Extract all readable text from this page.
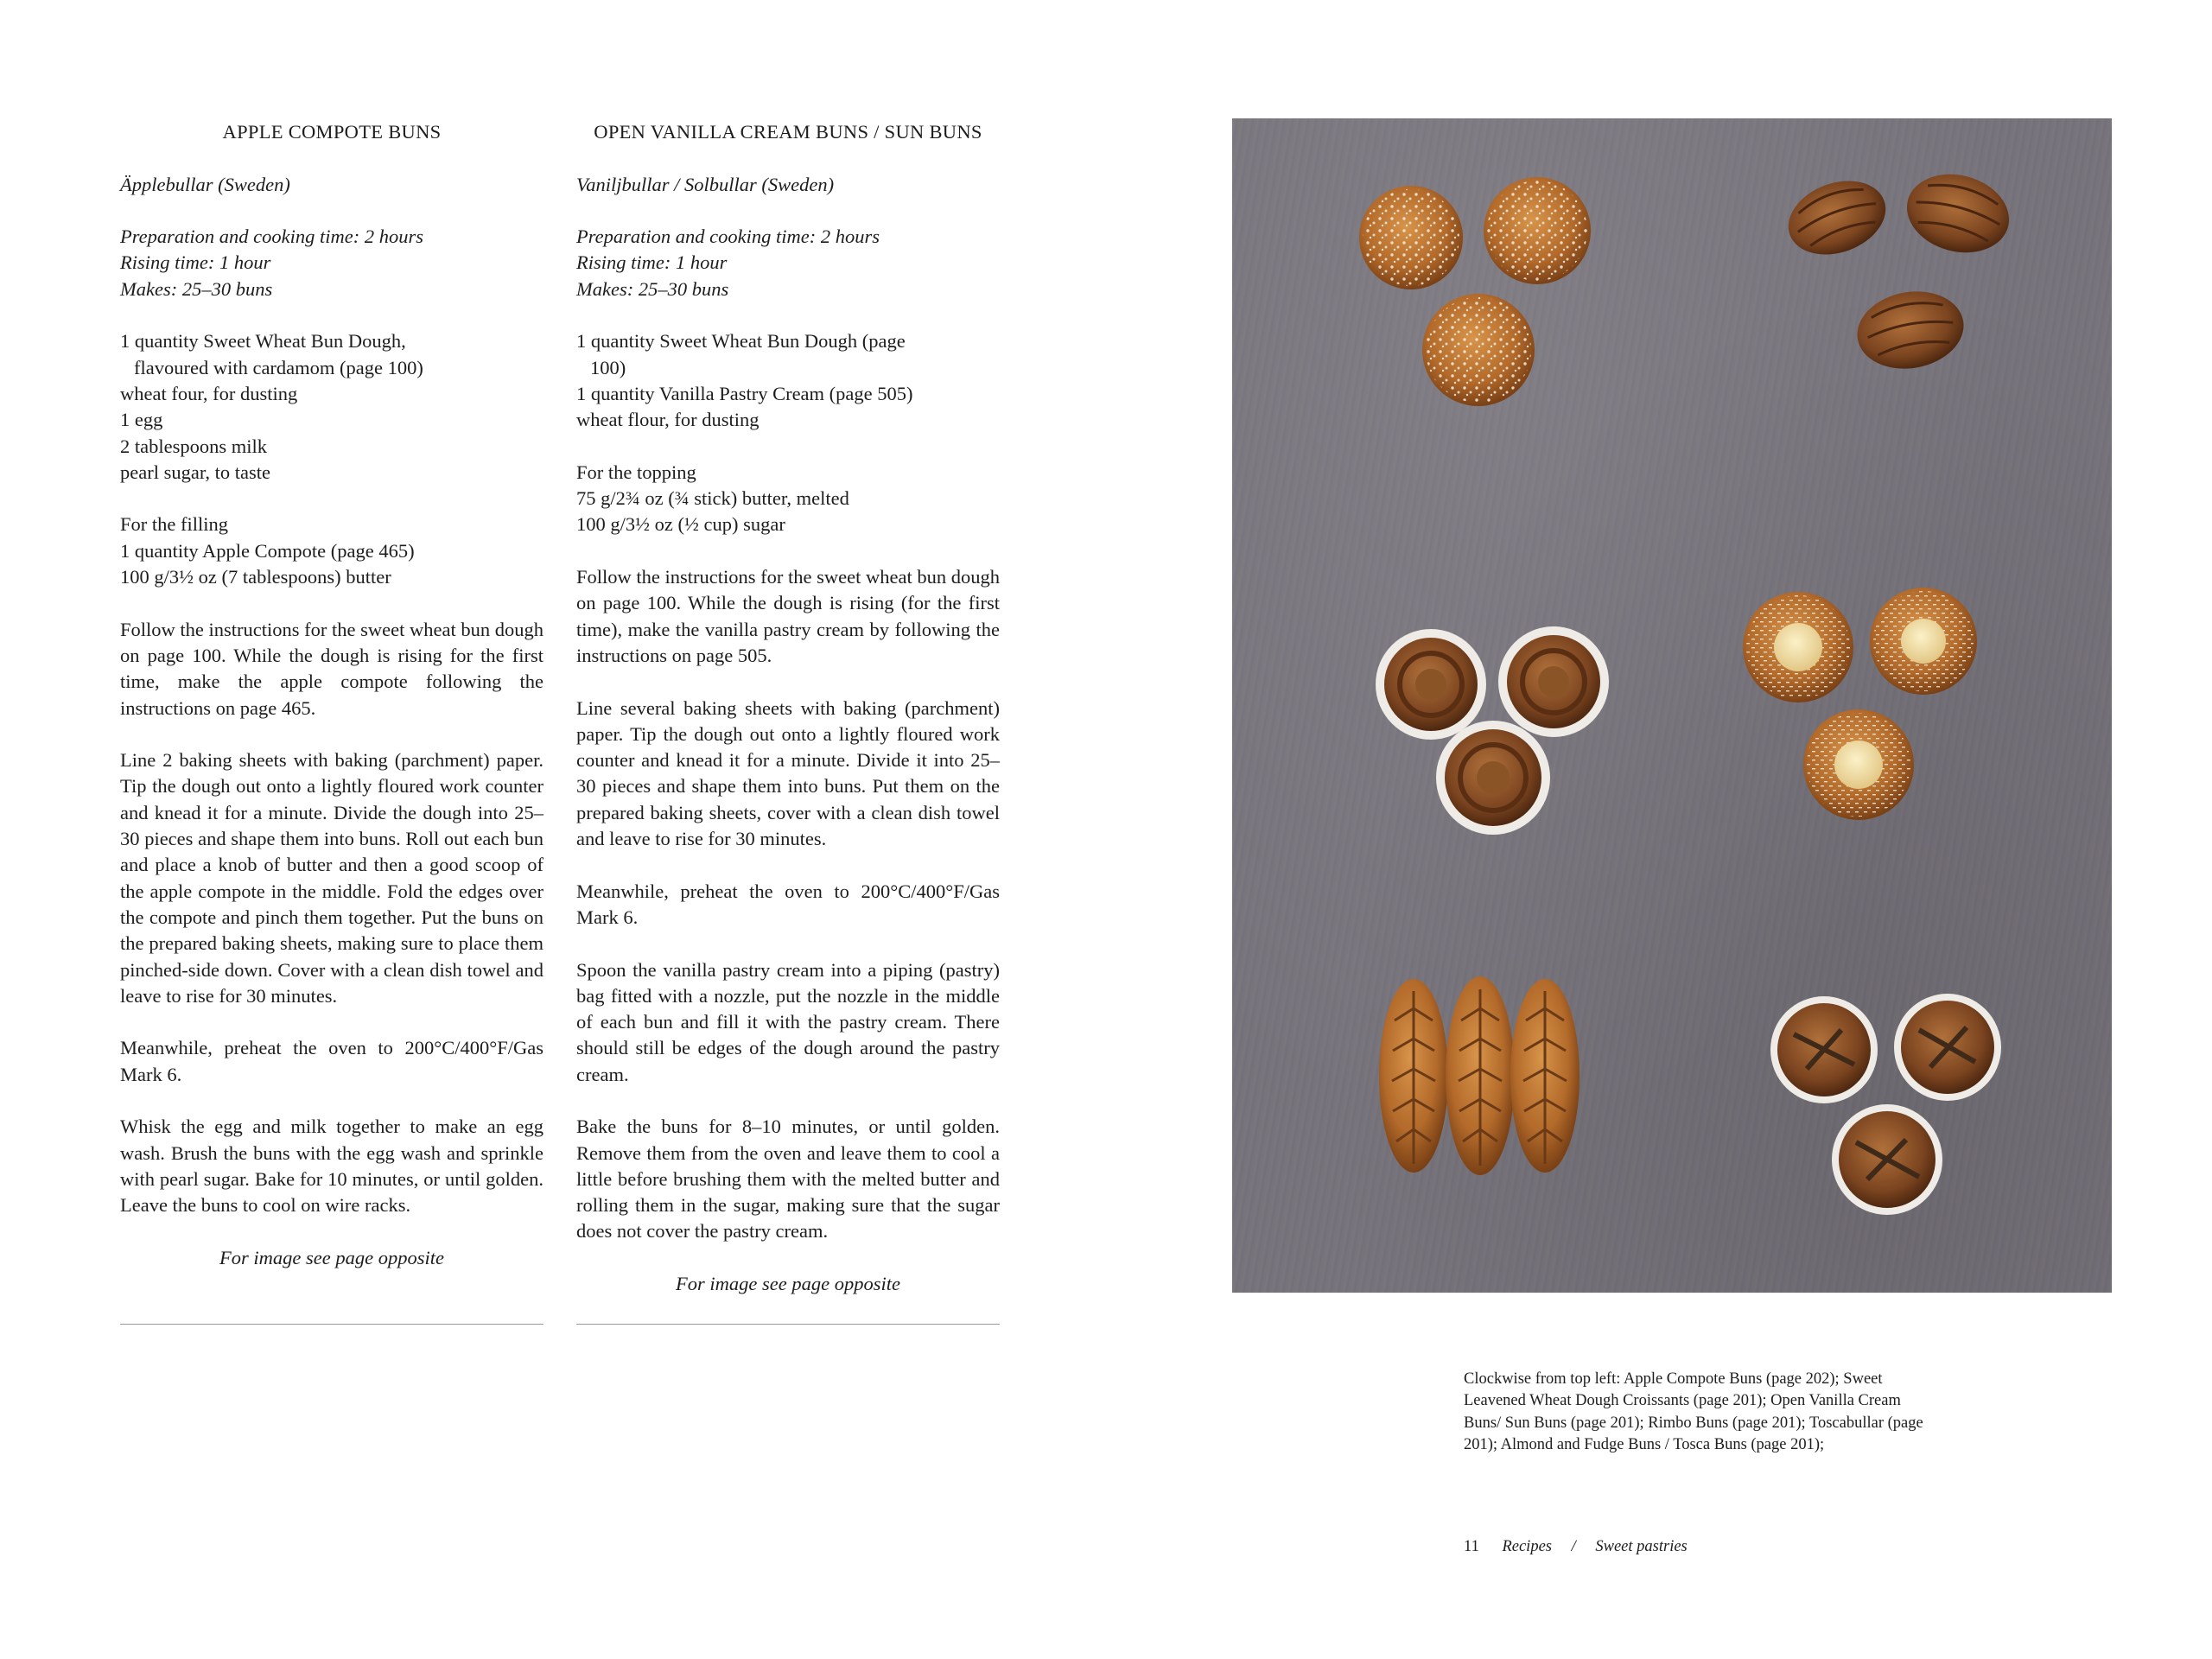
APPLE COMPOTE BUNS
Äpplebullar (Sweden)
Preparation and cooking time: 2 hours
Rising time: 1 hour
Makes: 25–30 buns
1 quantity Sweet Wheat Bun Dough,
flavoured with cardamom (page 100)
wheat four, for dusting
1 egg
2 tablespoons milk
pearl sugar, to taste
For the filling
1 quantity Apple Compote (page 465)
100 g/3½ oz (7 tablespoons) butter

Follow the instructions for the sweet wheat bun dough on page 100. While the dough is rising for the first time, make the apple compote following the instructions on page 465.

Line 2 baking sheets with baking (parchment) paper. Tip the dough out onto a lightly floured work counter and knead it for a minute. Divide the dough into 25–30 pieces and shape them into buns. Roll out each bun and place a knob of butter and then a good scoop of the apple compote in the middle. Fold the edges over the compote and pinch them together. Put the buns on the prepared baking sheets, making sure to place them pinched-side down. Cover with a clean dish towel and leave to rise for 30 minutes.

Meanwhile, preheat the oven to 200°C/400°F/Gas Mark 6.

Whisk the egg and milk together to make an egg wash. Brush the buns with the egg wash and sprinkle with pearl sugar. Bake for 10 minutes, or until golden. Leave the buns to cool on wire racks.

For image see page opposite

OPEN VANILLA CREAM BUNS / SUN BUNS
Vaniljbullar / Solbullar (Sweden)
Preparation and cooking time: 2 hours
Rising time: 1 hour
Makes: 25–30 buns
1 quantity Sweet Wheat Bun Dough (page
100)
1 quantity Vanilla Pastry Cream (page 505)
wheat flour, for dusting
For the topping
75 g/2¾ oz (¾ stick) butter, melted
100 g/3½ oz (½ cup) sugar

Follow the instructions for the sweet wheat bun dough on page 100. While the dough is rising (for the first time), make the vanilla pastry cream by following the instructions on page 505.

Line several baking sheets with baking (parchment) paper. Tip the dough out onto a lightly floured work counter and knead it for a minute. Divide it into 25–30 pieces and shape them into buns. Put them on the prepared baking sheets, cover with a clean dish towel and leave to rise for 30 minutes.

Meanwhile, preheat the oven to 200°C/400°F/Gas Mark 6.

Spoon the vanilla pastry cream into a piping (pastry) bag fitted with a nozzle, put the nozzle in the middle of each bun and fill it with the pastry cream. There should still be edges of the dough around the pastry cream.

Bake the buns for 8–10 minutes, or until golden. Remove them from the oven and leave them to cool a little before brushing them with the melted butter and rolling them in the sugar, making sure that the sugar does not cover the pastry cream.

For image see page opposite

Clockwise from top left: Apple Compote Buns (page 202); Sweet Leavened Wheat Dough Croissants (page 201); Open Vanilla Cream Buns/ Sun Buns (page 201); Rimbo Buns (page 201); Toscabullar (page 201); Almond and Fudge Buns / Tosca Buns (page 201);
11 Recipes / Sweet pastries
